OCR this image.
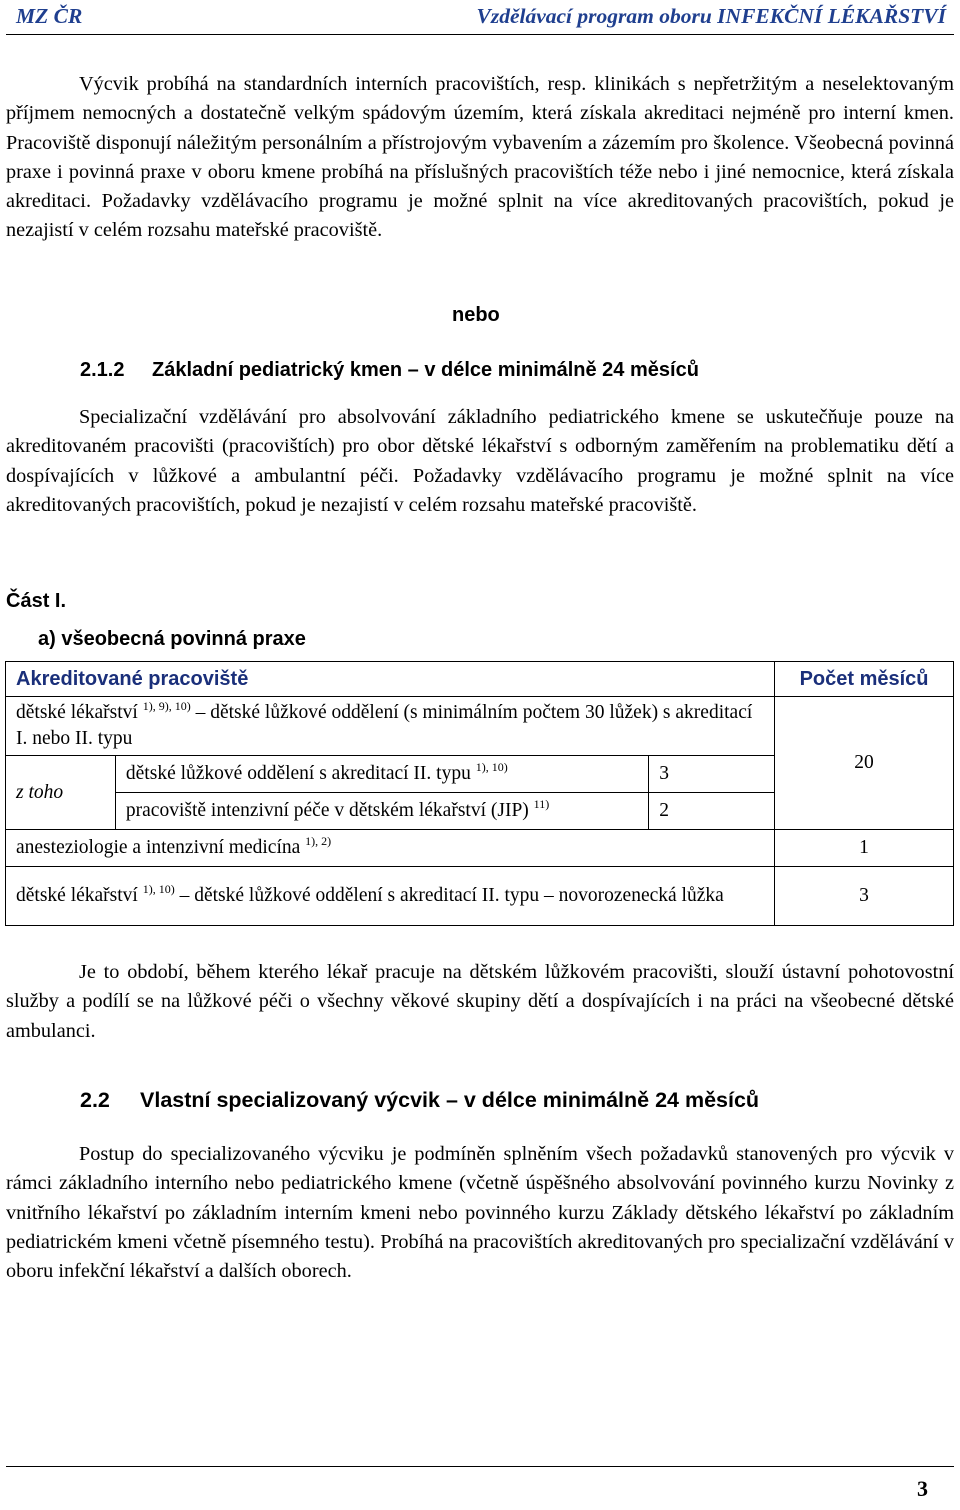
MZ ČR	Vzdělávací program oboru INFEKČNÍ LÉKAŘSTVÍ
Výcvik probíhá na standardních interních pracovištích, resp. klinikách s nepřetržitým a neselektovaným příjmem nemocných a dostatečně velkým spádovým územím, která získala akreditaci nejméně pro interní kmen. Pracoviště disponují náležitým personálním a přístrojovým vybavením a zázemím pro školence. Všeobecná povinná praxe i povinná praxe v oboru kmene probíhá na příslušných pracovištích téže nebo i jiné nemocnice, která získala akreditaci. Požadavky vzdělávacího programu je možné splnit na více akreditovaných pracovištích, pokud je nezajistí v celém rozsahu mateřské pracoviště.
nebo
2.1.2 Základní pediatrický kmen – v délce minimálně 24 měsíců
Specializační vzdělávání pro absolvování základního pediatrického kmene se uskutečňuje pouze na akreditovaném pracovišti (pracovištích) pro obor dětské lékařství s odborným zaměřením na problematiku dětí a dospívajících v lůžkové a ambulantní péči. Požadavky vzdělávacího programu je možné splnit na více akreditovaných pracovištích, pokud je nezajistí v celém rozsahu mateřské pracoviště.
Část I.
a) všeobecná povinná praxe
Akreditované pracoviště			Počet měsíců
dětské lékařství $^{1), 9), 10)}$ – dětské lůžkové oddělení (s minimálním počtem 30 lůžek) s akreditací I. nebo II. typu			20
z toho	dětské lůžkové oddělení s akreditací II. typu $^{1), 10)}$	3	
	pracoviště intenzivní péče v dětském lékařství (JIP) $^{11)}$	2	
anesteziologie a intenzivní medicína $^{1), 2)}$			1
dětské lékařství $^{1), 10)}$ – dětské lůžkové oddělení s akreditací II. typu – novorozenecká lůžka			3
Je to období, během kterého lékař pracuje na dětském lůžkovém pracovišti, slouží ústavní pohotovostní služby a podílí se na lůžkové péči o všechny věkové skupiny dětí a dospívajících i na práci na všeobecné dětské ambulanci.
2.2 Vlastní specializovaný výcvik – v délce minimálně 24 měsíců
Postup do specializovaného výcviku je podmíněn splněním všech požadavků stanovených pro výcvik v rámci základního interního nebo pediatrického kmene (včetně úspěšného absolvování povinného kurzu Novinky z vnitřního lékařství po základním interním kmeni nebo povinného kurzu Základy dětského lékařství po základním pediatrickém kmeni včetně písemného testu). Probíhá na pracovištích akreditovaných pro specializační vzdělávání v oboru infekční lékařství a dalších oborech.
3
